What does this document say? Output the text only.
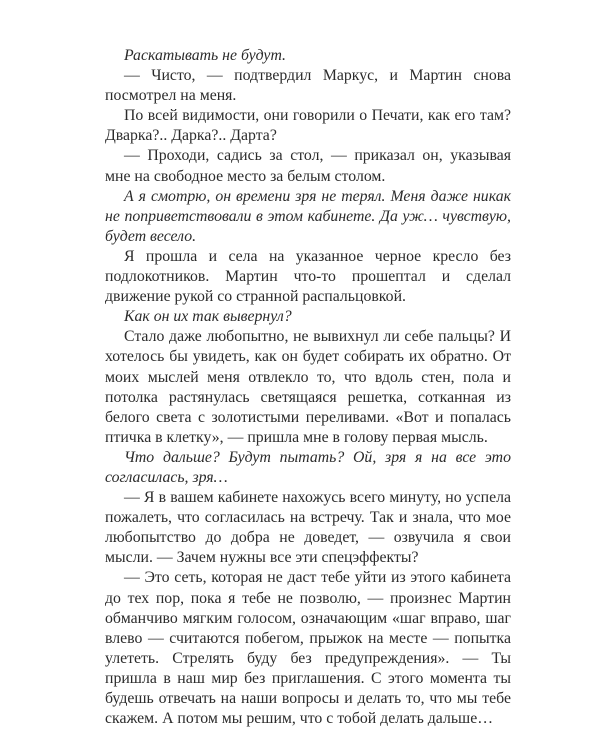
Раскатывать не будут.

— Чисто, — подтвердил Маркус, и Мартин снова посмотрел на меня.

По всей видимости, они говорили о Печати, как его там? Дварка?.. Дарка?.. Дарта?

— Проходи, садись за стол, — приказал он, указывая мне на свободное место за белым столом.

А я смотрю, он времени зря не терял. Меня даже никак не поприветствовали в этом кабинете. Да уж… чувствую, будет весело.

Я прошла и села на указанное черное кресло без подлокотников. Мартин что-то прошептал и сделал движение рукой со странной распальцовкой.

Как он их так вывернул?

Стало даже любопытно, не вывихнул ли себе пальцы? И хотелось бы увидеть, как он будет собирать их обратно. От моих мыслей меня отвлекло то, что вдоль стен, пола и потолка растянулась светящаяся решетка, сотканная из белого света с золотистыми переливами. «Вот и попалась птичка в клетку», — пришла мне в голову первая мысль.

Что дальше? Будут пытать? Ой, зря я на все это согласилась, зря…

— Я в вашем кабинете нахожусь всего минуту, но успела пожалеть, что согласилась на встречу. Так и знала, что мое любопытство до добра не доведет, — озвучила я свои мысли. — Зачем нужны все эти спецэффекты?

— Это сеть, которая не даст тебе уйти из этого кабинета до тех пор, пока я тебе не позволю, — произнес Мартин обманчиво мягким голосом, означающим «шаг вправо, шаг влево — считаются побегом, прыжок на месте — попытка улететь. Стрелять буду без предупреждения». — Ты пришла в наш мир без приглашения. С этого момента ты будешь отвечать на наши вопросы и делать то, что мы тебе скажем. А потом мы решим, что с тобой делать дальше…
